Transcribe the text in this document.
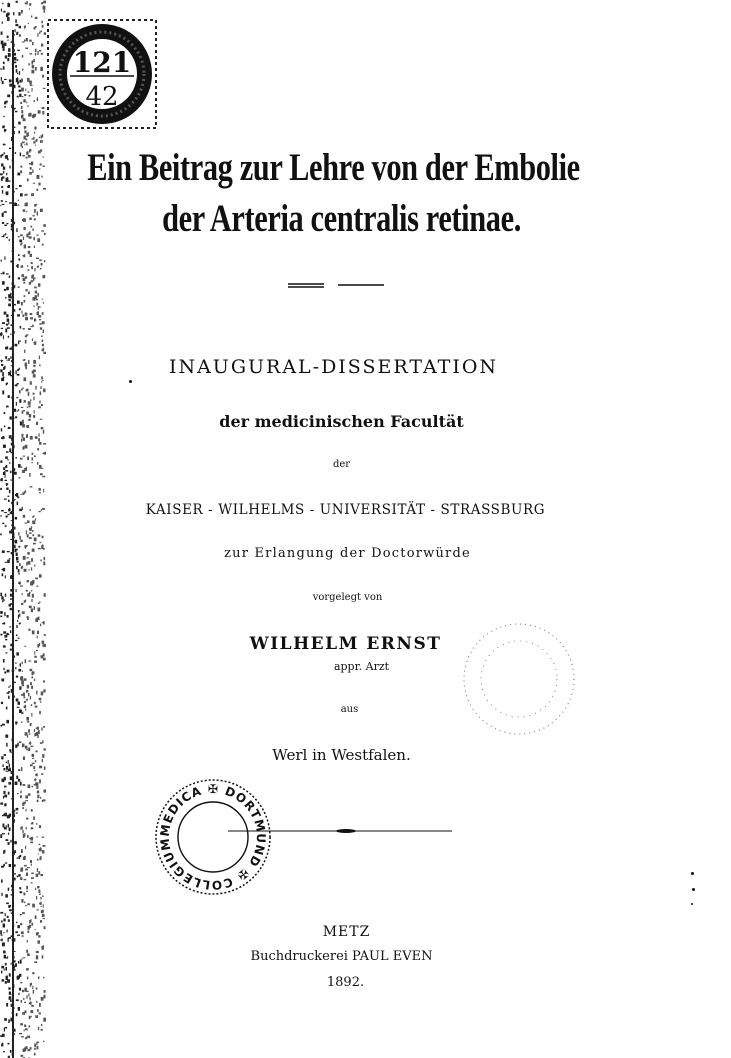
121
42
Ein Beitrag zur Lehre von der Embolie
der Arteria centralis retinae.
INAUGURAL-DISSERTATION
der medicinischen Facultät
der
KAISER - WILHELMS - UNIVERSITÄT - STRASSBURG
zur Erlangung der Doctorwürde
vorgelegt von
WILHELM ERNST
appr. Arzt
aus
Werl in Westfalen.
MEDICA ✠ DORTMUND ✠ COLLEGIUM
METZ
Buchdruckerei PAUL EVEN
1892.
